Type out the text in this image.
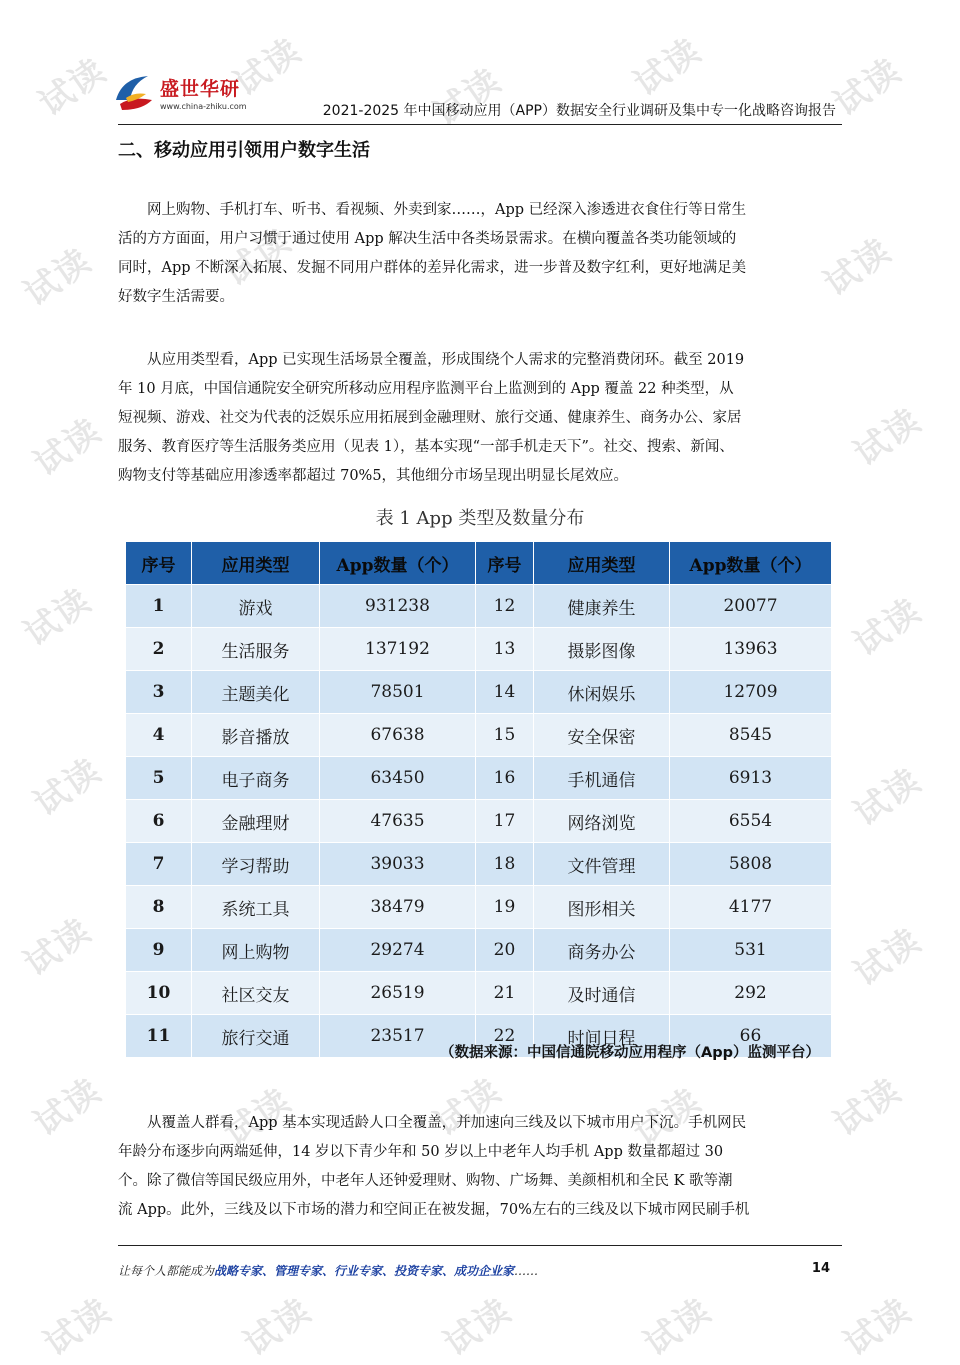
试读	试读	试读	试读	试读
试读	试读	试读
试读	试读
试读	试读
试读	试读
试读	试读
试读	试读	试读	试读	试读
试读	试读	试读	试读	试读
盛世华研
www.china-zhiku.com	2021-2025 年中国移动应用（APP）数据安全行业调研及集中专一化战略咨询报告
二、移动应用引领用户数字生活
网上购物、手机打车、听书、看视频、外卖到家……，App 已经深入渗透进衣食住行等日常生
活的方方面面，用户习惯于通过使用 App 解决生活中各类场景需求。在横向覆盖各类功能领域的
同时，App 不断深入拓展、发掘不同用户群体的差异化需求，进一步普及数字红利，更好地满足美
好数字生活需要。
从应用类型看，App 已实现生活场景全覆盖，形成围绕个人需求的完整消费闭环。截至 2019
年 10 月底，中国信通院安全研究所移动应用程序监测平台上监测到的 App 覆盖 22 种类型，从
短视频、游戏、社交为代表的泛娱乐应用拓展到金融理财、旅行交通、健康养生、商务办公、家居
服务、教育医疗等生活服务类应用（见表 1），基本实现“一部手机走天下”。社交、搜索、新闻、
购物支付等基础应用渗透率都超过 70%5，其他细分市场呈现出明显长尾效应。
表 1 App 类型及数量分布
序号	应用类型	App数量（个）	序号	应用类型	App数量（个）
1	游戏	931238	12	健康养生	20077
2	生活服务	137192	13	摄影图像	13963
3	主题美化	78501	14	休闲娱乐	12709
4	影音播放	67638	15	安全保密	8545
5	电子商务	63450	16	手机通信	6913
6	金融理财	47635	17	网络浏览	6554
7	学习帮助	39033	18	文件管理	5808
8	系统工具	38479	19	图形相关	4177
9	网上购物	29274	20	商务办公	531
10	社区交友	26519	21	及时通信	292
11	旅行交通	23517	22	时间日程	66
（数据来源：中国信通院移动应用程序（App）监测平台）
从覆盖人群看，App 基本实现适龄人口全覆盖，并加速向三线及以下城市用户下沉。手机网民
年龄分布逐步向两端延伸，14 岁以下青少年和 50 岁以上中老年人均手机 App 数量都超过 30
个。除了微信等国民级应用外，中老年人还钟爱理财、购物、广场舞、美颜相机和全民 K 歌等潮
流 App。此外，三线及以下市场的潜力和空间正在被发掘，70%左右的三线及以下城市网民刷手机
让每个人都能成为战略专家、管理专家、行业专家、投资专家、成功企业家……	14
